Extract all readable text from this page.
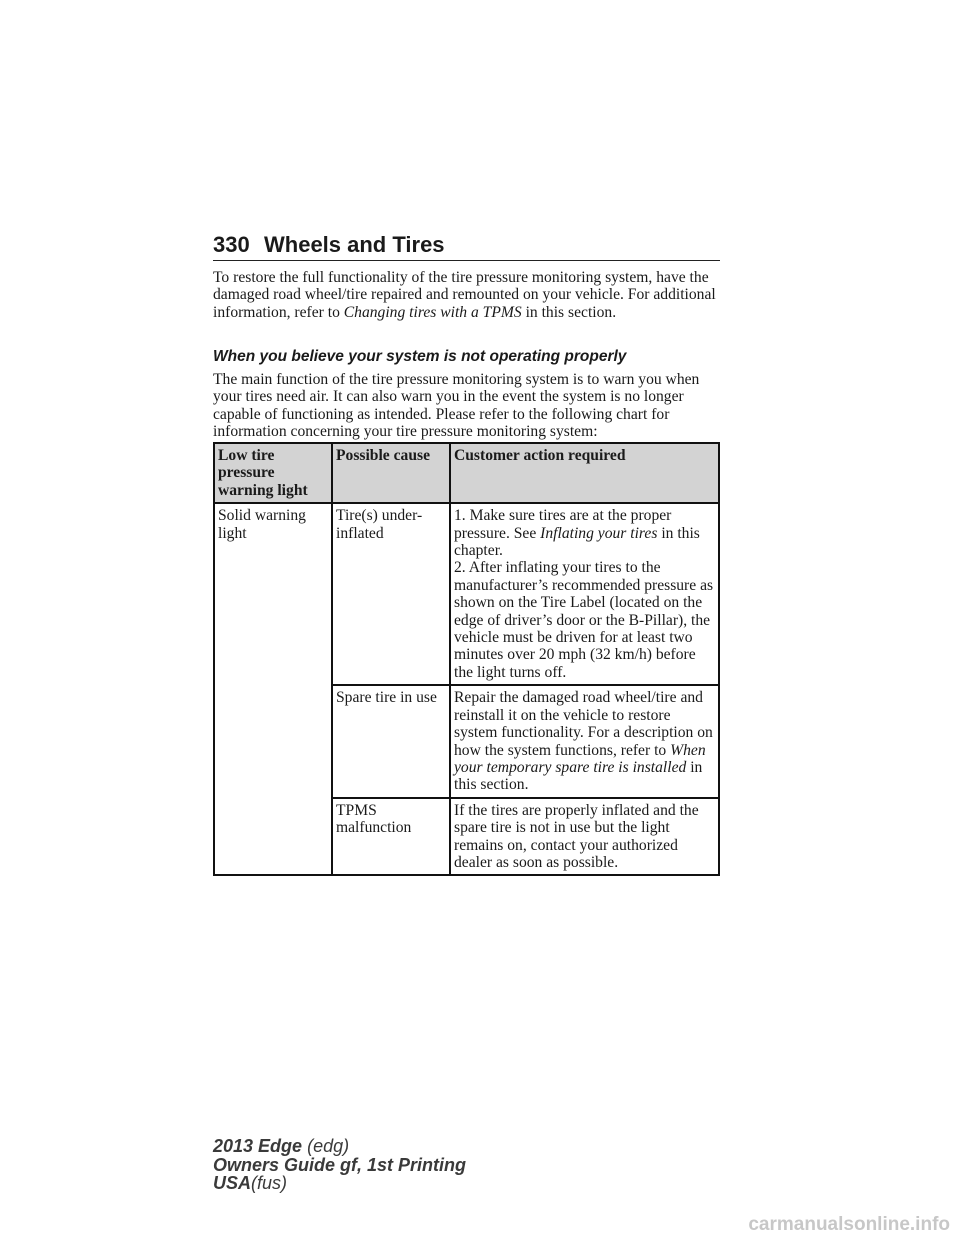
330 Wheels and Tires

To restore the full functionality of the tire pressure monitoring system, have the damaged road wheel/tire repaired and remounted on your vehicle. For additional information, refer to Changing tires with a TPMS in this section.

When you believe your system is not operating properly

The main function of the tire pressure monitoring system is to warn you when your tires need air. It can also warn you in the event the system is no longer capable of functioning as intended. Please refer to the following chart for information concerning your tire pressure monitoring system:

Low tire pressure warning light	Possible cause	Customer action required
Solid warning light	Tire(s) under-inflated	1. Make sure tires are at the proper pressure. See Inflating your tires in this chapter.
2. After inflating your tires to the manufacturer’s recommended pressure as shown on the Tire Label (located on the edge of driver’s door or the B-Pillar), the vehicle must be driven for at least two minutes over 20 mph (32 km/h) before the light turns off.
	Spare tire in use	Repair the damaged road wheel/tire and reinstall it on the vehicle to restore system functionality. For a description on how the system functions, refer to When your temporary spare tire is installed in this section.
	TPMS malfunction	If the tires are properly inflated and the spare tire is not in use but the light remains on, contact your authorized dealer as soon as possible.
2013 Edge (edg)
Owners Guide gf, 1st Printing
USA(fus)
carmanualsonline.info
